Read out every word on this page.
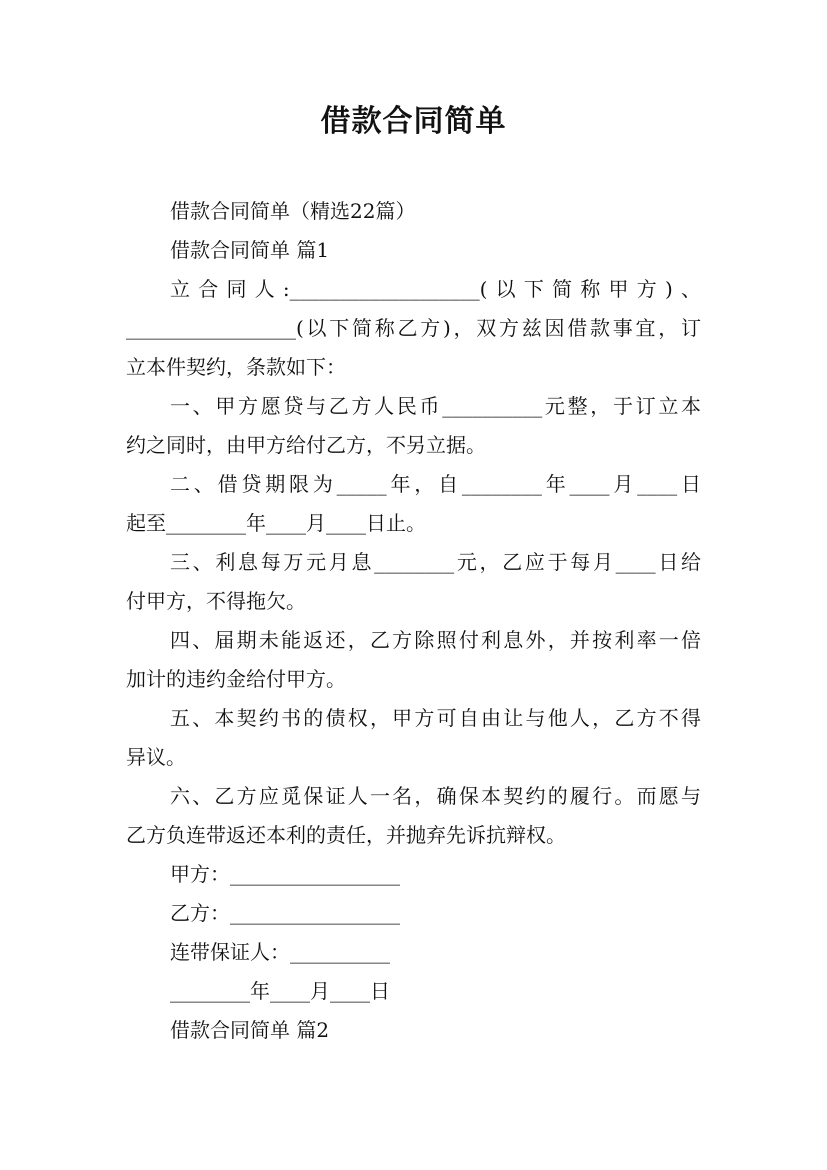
借款合同简单

借款合同简单（精选22篇）

借款合同简单 篇1

立合同人:___________________(以下简称甲方)、

_________________(以下简称乙方)，双方兹因借款事宜，订

立本件契约，条款如下：

一、甲方愿贷与乙方人民币__________元整，于订立本

约之同时，由甲方给付乙方，不另立据。

二、借贷期限为_____年，自________年____月____日

起至________年____月____日止。

三、利息每万元月息________元，乙应于每月____日给

付甲方，不得拖欠。

四、届期未能返还，乙方除照付利息外，并按利率一倍

加计的违约金给付甲方。

五、本契约书的债权，甲方可自由让与他人，乙方不得

异议。

六、乙方应觅保证人一名，确保本契约的履行。而愿与

乙方负连带返还本利的责任，并抛弃先诉抗辩权。

甲方：_________________

乙方：_________________

连带保证人：__________

________年____月____日

借款合同简单 篇2
